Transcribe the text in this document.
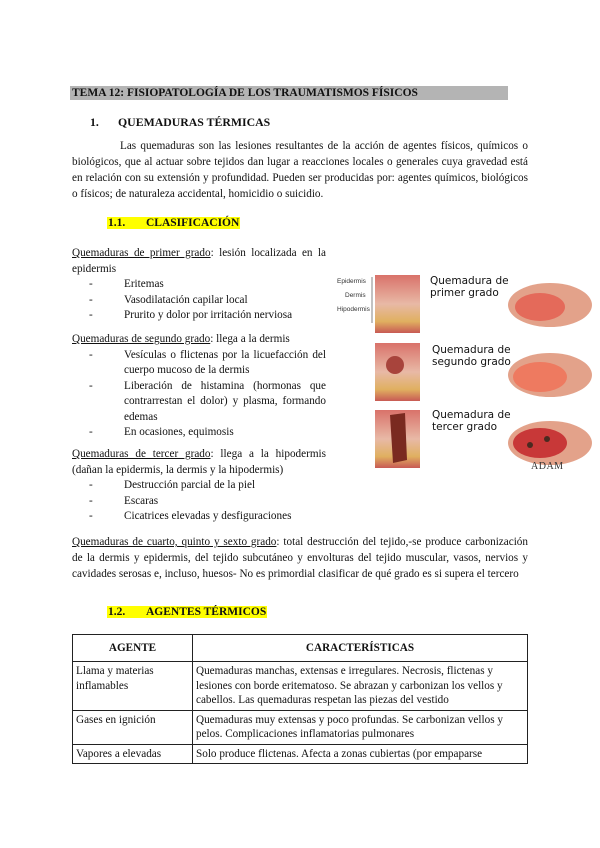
TEMA 12: FISIOPATOLOGÍA DE LOS TRAUMATISMOS FÍSICOS
1. QUEMADURAS TÉRMICAS
Las quemaduras son las lesiones resultantes de la acción de agentes físicos, químicos o biológicos, que al actuar sobre tejidos dan lugar a reacciones locales o generales cuya gravedad está en relación con su extensión y profundidad. Pueden ser producidas por: agentes químicos, biológicos o físicos; de naturaleza accidental, homicidio o suicidio.
1.1. CLASIFICACIÓN
Quemaduras de primer grado: lesión localizada en la epidermis
- Eritemas
- Vasodilatación capilar local
- Prurito y dolor por irritación nerviosa
Quemaduras de segundo grado: llega a la dermis
- Vesículas o flictenas por la licuefacción del cuerpo mucoso de la dermis
- Liberación de histamina (hormonas que contrarrestan el dolor) y plasma, formando edemas
- En ocasiones, equimosis
Quemaduras de tercer grado: llega a la hipodermis (dañan la epidermis, la dermis y la hipodermis)
- Destrucción parcial de la piel
- Escaras
- Cicatrices elevadas y desfiguraciones
Epidermis
Dermis
Hipodermis
Quemadura de
primer grado
Quemadura de
segundo grado
Quemadura de
tercer grado
ADAM
Quemaduras de cuarto, quinto y sexto grado: total destrucción del tejido,-se produce carbonización de la dermis y epidermis, del tejido subcutáneo y envolturas del tejido muscular, vasos, nervios y cavidades serosas e, incluso, huesos- No es primordial clasificar de qué grado es si supera el tercero
1.2. AGENTES TÉRMICOS
AGENTE	CARACTERÍSTICAS
Llama y materias inflamables	Quemaduras manchas, extensas e irregulares. Necrosis, flictenas y lesiones con borde eritematoso. Se abrazan y carbonizan los vellos y cabellos. Las quemaduras respetan las piezas del vestido
Gases en ignición	Quemaduras muy extensas y poco profundas. Se carbonizan vellos y pelos. Complicaciones inflamatorias pulmonares
Vapores a elevadas	Solo produce flictenas. Afecta a zonas cubiertas (por empaparse
